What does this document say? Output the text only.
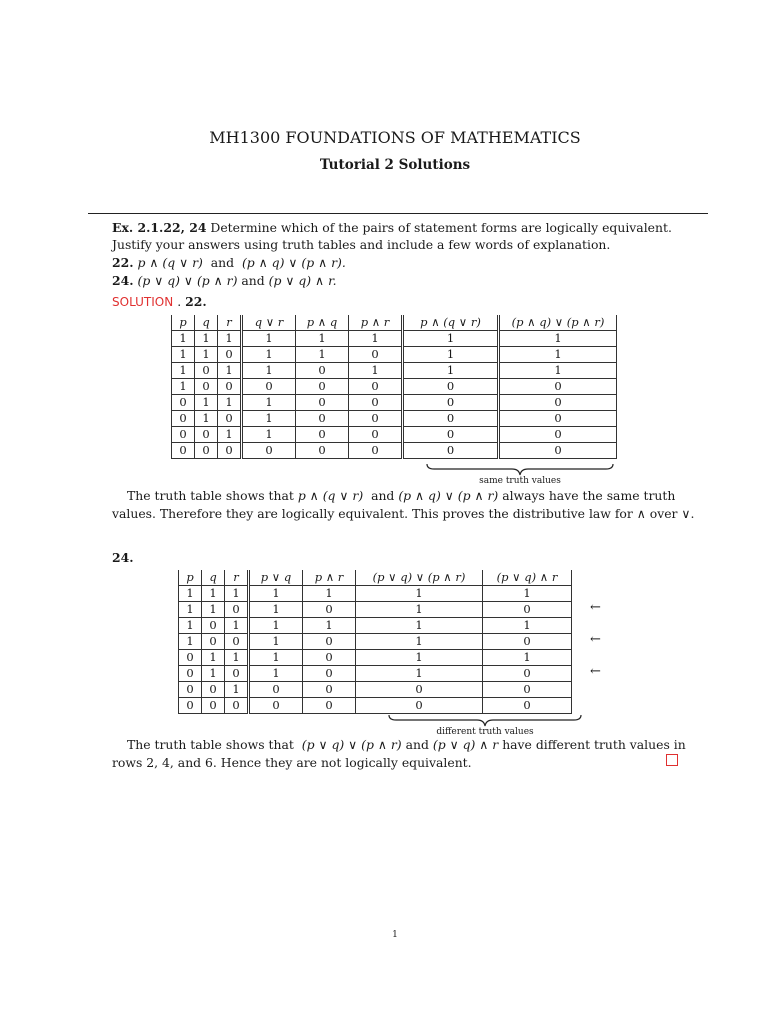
MH1300 FOUNDATIONS OF MATHEMATICS
Tutorial 2 Solutions
Ex. 2.1.22, 24 Determine which of the pairs of statement forms are logically equivalent.
Justify your answers using truth tables and include a few words of explanation.
22. p ∧ (q ∨ r) and (p ∧ q) ∨ (p ∧ r).
24. (p ∨ q) ∨ (p ∧ r) and (p ∨ q) ∧ r.
SOLUTION . 22.
p	q	r	q ∨ r	p ∧ q	p ∧ r	p ∧ (q ∨ r)	(p ∧ q) ∨ (p ∧ r)
1	1	1	1	1	1	1	1
1	1	0	1	1	0	1	1
1	0	1	1	0	1	1	1
1	0	0	0	0	0	0	0
0	1	1	1	0	0	0	0
0	1	0	1	0	0	0	0
0	0	1	1	0	0	0	0
0	0	0	0	0	0	0	0
same truth values
The truth table shows that p ∧ (q ∨ r) and (p ∧ q) ∨ (p ∧ r) always have the same truth values. Therefore they are logically equivalent. This proves the distributive law for ∧ over ∨.
24.
p	q	r	p ∨ q	p ∧ r	(p ∨ q) ∨ (p ∧ r)	(p ∨ q) ∧ r
1	1	1	1	1	1	1
1	1	0	1	0	1	0
1	0	1	1	1	1	1
1	0	0	1	0	1	0
0	1	1	1	0	1	1
0	1	0	1	0	1	0
0	0	1	0	0	0	0
0	0	0	0	0	0	0
←
←
←
different truth values
The truth table shows that (p ∨ q) ∨ (p ∧ r) and (p ∨ q) ∧ r have different truth values in rows 2, 4, and 6. Hence they are not logically equivalent.
1
